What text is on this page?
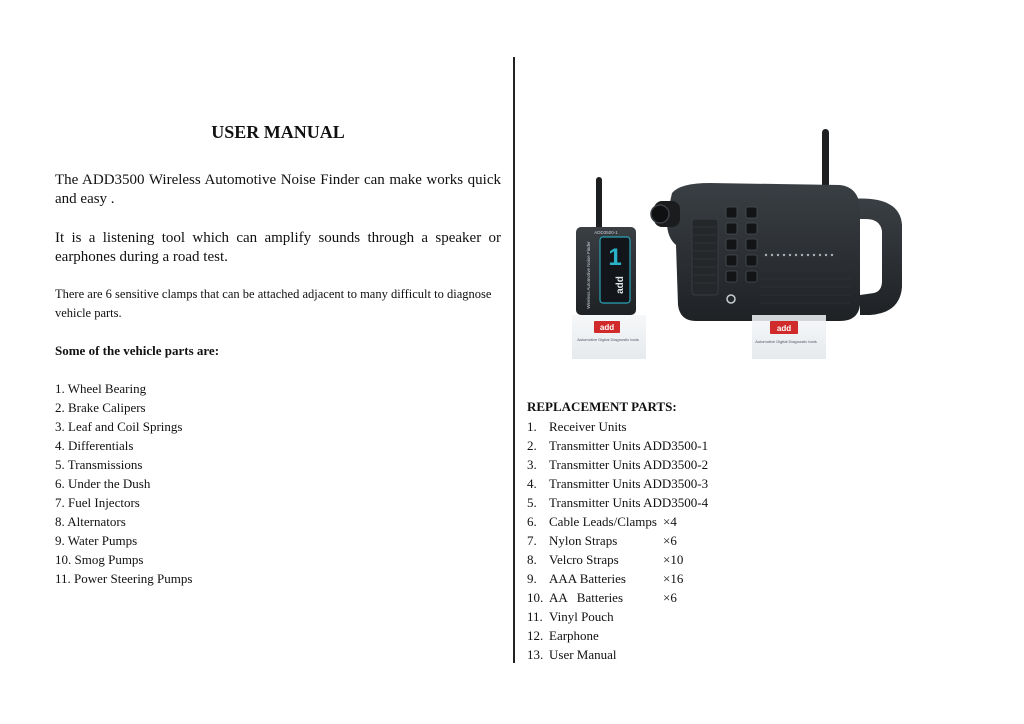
USER MANUAL
The ADD3500 Wireless Automotive Noise Finder can make works quick and easy .
It is a listening tool which can amplify sounds through a speaker or earphones during a road test.
There are 6 sensitive clamps that can be attached adjacent to many difficult to diagnose vehicle parts.
Some of the vehicle parts are:
1. Wheel Bearing
2. Brake Calipers
3. Leaf and Coil Springs
4. Differentials
5. Transmissions
6. Under the Dush
7. Fuel Injectors
8. Alternators
9. Water Pumps
10. Smog Pumps
11. Power Steering Pumps
1
add
Wireless Automotive Noise Finder
ADD3500-1
add
Automotive Digital Diagnostic tools
add
Automotive Digital Diagnostic tools
REPLACEMENT PARTS:
1. Receiver Units
2. Transmitter Units ADD3500-1
3. Transmitter Units ADD3500-2
4. Transmitter Units ADD3500-3
5. Transmitter Units ADD3500-4
6. Cable Leads/Clamps ×4
7. Nylon Straps	×6
8. Velcro Straps	×10
9. AAA Batteries	×16
10. AA   Batteries	×6
11. Vinyl Pouch
12. Earphone
13. User Manual
